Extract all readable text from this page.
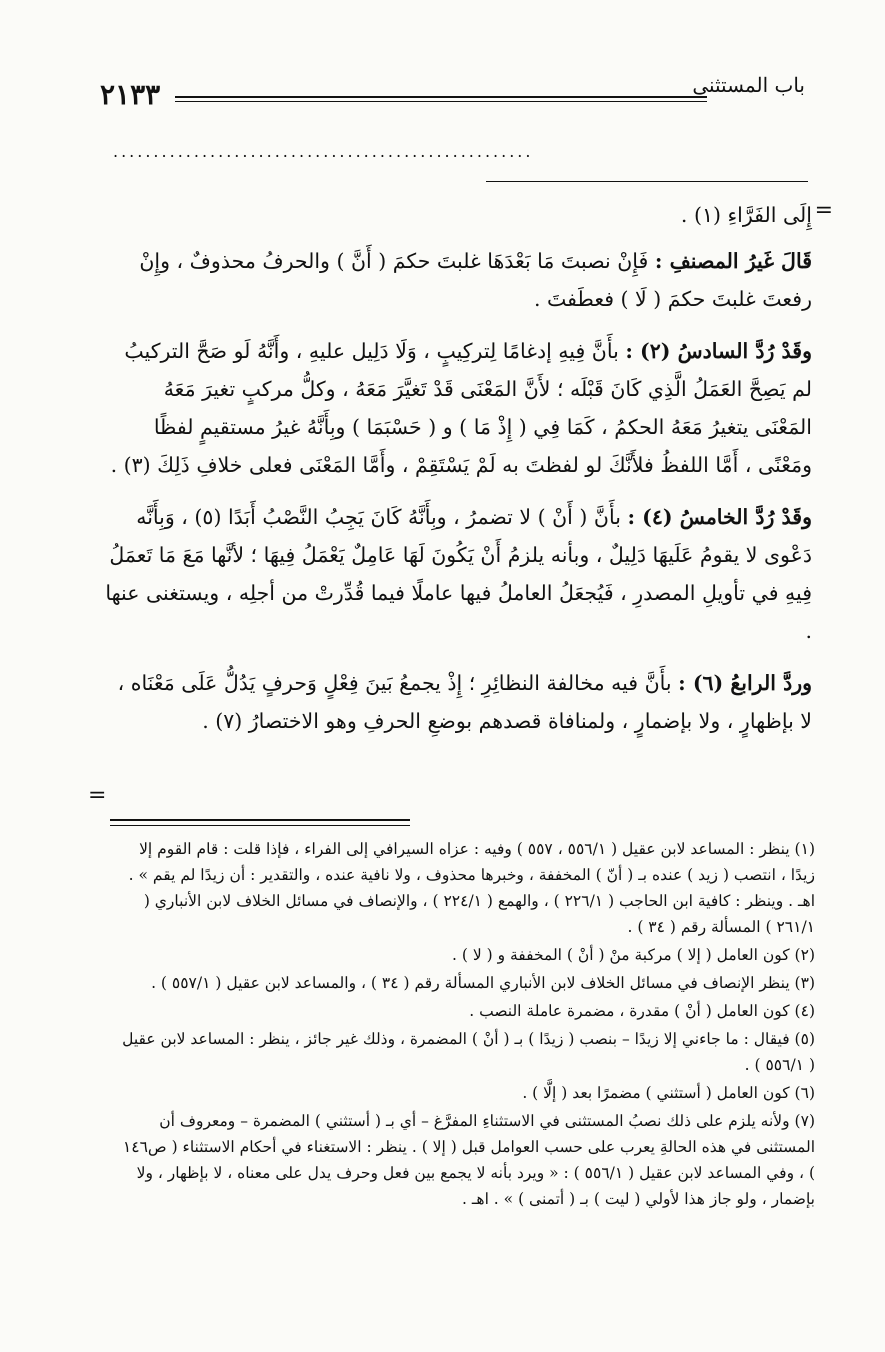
باب المستثنى
٢١٣٣
....................................................
=

إِلَى الفَرَّاءِ (١) .

قَالَ غَيرُ المصنفِ : فَإِنْ نصبتَ مَا بَعْدَهَا غلبتَ حكمَ ( أَنَّ ) والحرفُ محذوفٌ ، وإِنْ رفعتَ غلبتَ حكمَ ( لَا ) فعطَفتَ .

وقَدْ رُدَّ السادسُ (٢) : بأَنَّ فِيهِ إدغامًا لِتركِيبٍ ، وَلَا دَلِيل عليهِ ، وأَنَّهُ لَو صَحَّ التركيبُ لم يَصِحَّ العَمَلُ الَّذِي كَانَ قَبْلَه ؛ لأَنَّ المَعْنَى قَدْ تَغيَّرَ مَعَهُ ، وكلُّ مركبٍ تغيرَ مَعَهُ المَعْنَى يتغيرُ مَعَهُ الحكمُ ، كَمَا فِي ( إِذْ مَا ) و ( حَسْبَمَا ) وبِأَنَّهُ غيرُ مستقيمٍ لفظًا ومَعْنًى ، أَمَّا اللفظُ فلأَنَّكَ لو لفظتَ به لَمْ يَسْتَقِمْ ، وأَمَّا المَعْنَى فعلى خلافِ ذَلِكَ (٣) .

وقَدْ رُدَّ الخامسُ (٤) : بأَنَّ ( أَنْ ) لا تضمرُ ، وبِأَنَّهُ كَانَ يَجِبُ النَّصْبُ أَبَدًا (٥) ، وَبِأَنَّه دَعْوى لا يقومُ عَلَيهَا دَلِيلٌ ، وبأنه يلزمُ أَنْ يَكُونَ لَهَا عَامِلٌ يَعْمَلُ فِيهَا ؛ لأنَّها مَعَ مَا تَعمَلُ فِيهِ في تأويلِ المصدرِ ، فَيُجعَلُ العاملُ فيها عاملًا فيما قُدِّرتْ من أجلِه ، ويستغنى عنها .

وردَّ الرابعُ (٦) : بأَنَّ فيه مخالفة النظائِرِ ؛ إِذْ يجمعُ بَينَ فِعْلٍ وَحرفٍ يَدُلُّ عَلَى مَعْنَاه ، لا بإظهارٍ ، ولا بإضمارٍ ، ولمنافاة قصدهم بوضعِ الحرفِ وهو الاختصارُ (٧) .

=

(١) ينظر : المساعد لابن عقيل ( ٥٥٦/١ ، ٥٥٧ ) وفيه : عزاه السيرافي إلى الفراء ، فإذا قلت : قام القوم إلا زيدًا ، انتصب ( زيد ) عنده بـ ( أنّ ) المخففة ، وخبرها محذوف ، ولا نافية عنده ، والتقدير : أن زيدًا لم يقم » . اهـ . وينظر : كافية ابن الحاجب ( ٢٢٦/١ ) ، والهمع ( ٢٢٤/١ ) ، والإنصاف في مسائل الخلاف لابن الأنباري ( ٢٦١/١ ) المسألة رقم ( ٣٤ ) .

(٢) كون العامل ( إلا ) مركبة منْ ( أنْ ) المخففة و ( لا ) .

(٣) ينظر الإنصاف في مسائل الخلاف لابن الأنباري المسألة رقم ( ٣٤ ) ، والمساعد لابن عقيل ( ٥٥٧/١ ) .

(٤) كون العامل ( أنْ ) مقدرة ، مضمرة عاملة النصب .

(٥) فيقال : ما جاءني إلا زيدًا – بنصب ( زيدًا ) بـ ( أنْ ) المضمرة ، وذلك غير جائز ، ينظر : المساعد لابن عقيل ( ٥٥٦/١ ) .

(٦) كون العامل ( أستثني ) مضمرًا بعد ( إلَّا ) .

(٧) ولأنه يلزم على ذلك نصبُ المستثنى في الاستثناءِ المفرَّغ – أي بـ ( أستثني ) المضمرة – ومعروف أن المستثنى في هذه الحالةِ يعرب على حسب العوامل قبل ( إلا ) . ينظر : الاستغناء في أحكام الاستثناء ( ص١٤٦ ) ، وفي المساعد لابن عقيل ( ٥٥٦/١ ) : « ويرد بأنه لا يجمع بين فعل وحرف يدل على معناه ، لا بإظهار ، ولا بإضمار ، ولو جاز هذا لأولي ( ليت ) بـ ( أتمنى ) » . اهـ .
